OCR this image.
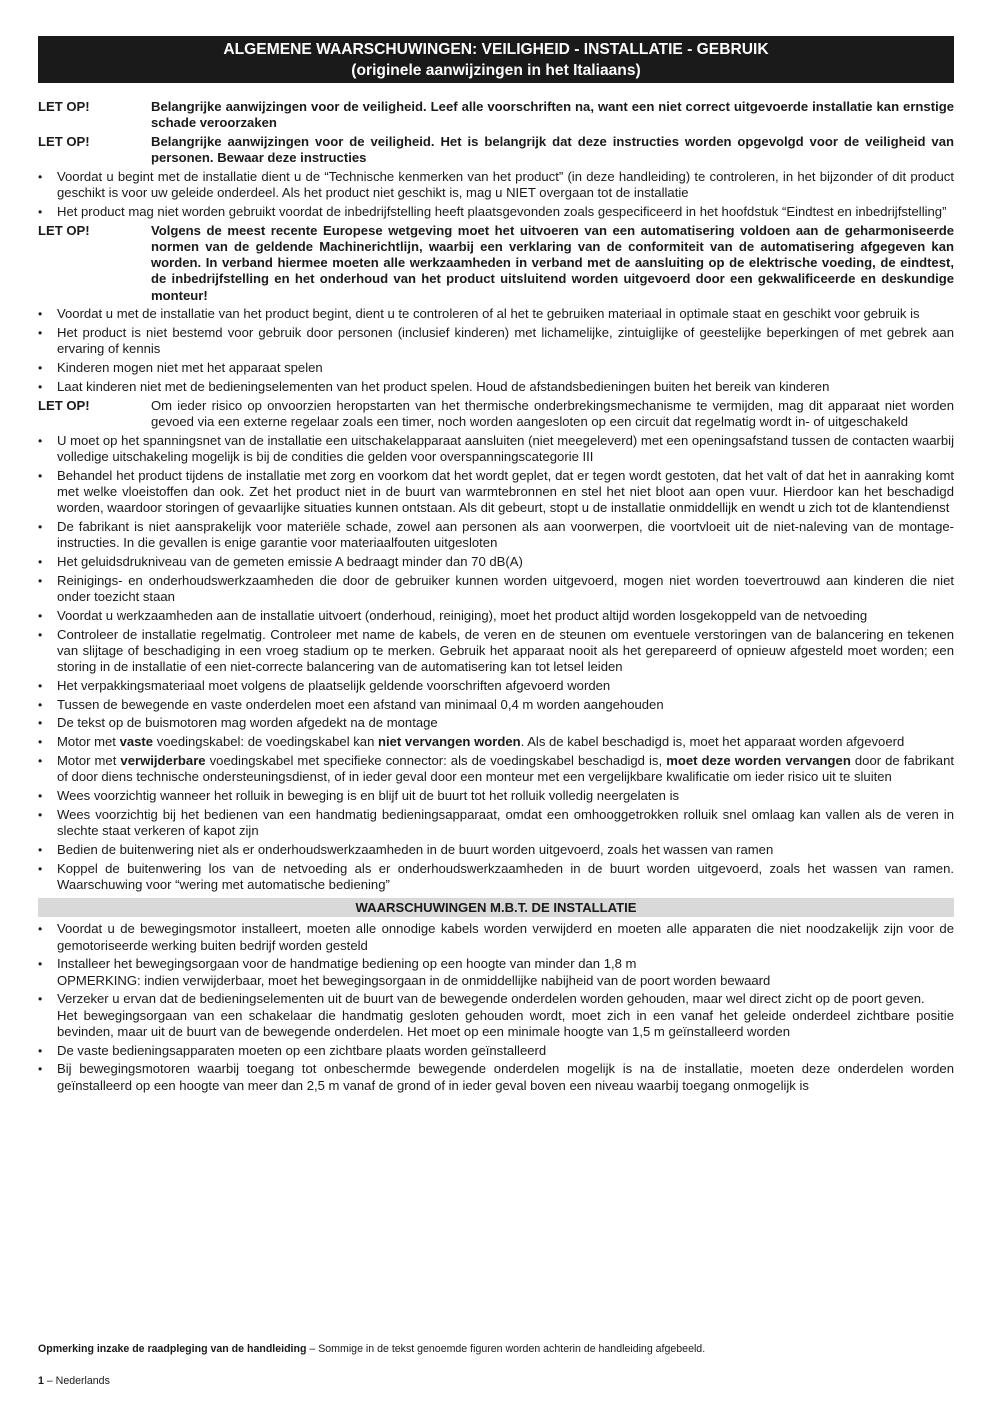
ALGEMENE WAARSCHUWINGEN: VEILIGHEID - INSTALLATIE - GEBRUIK
(originele aanwijzingen in het Italiaans)
LET OP!	Belangrijke aanwijzingen voor de veiligheid. Leef alle voorschriften na, want een niet correct uitgevoerde installatie kan ernstige schade veroorzaken
LET OP!	Belangrijke aanwijzingen voor de veiligheid. Het is belangrijk dat deze instructies worden opgevolgd voor de veiligheid van personen. Bewaar deze instructies
•	Voordat u begint met de installatie dient u de “Technische kenmerken van het product” (in deze handleiding) te controleren, in het bijzonder of dit product geschikt is voor uw geleide onderdeel. Als het product niet geschikt is, mag u NIET overgaan tot de installatie
•	Het product mag niet worden gebruikt voordat de inbedrijfstelling heeft plaatsgevonden zoals gespecificeerd in het hoofdstuk “Eindtest en inbedrijfstelling”
LET OP!	Volgens de meest recente Europese wetgeving moet het uitvoeren van een automatisering voldoen aan de geharmoniseerde normen van de geldende Machinerichtlijn, waarbij een verklaring van de conformiteit van de automatisering afgegeven kan worden. In verband hiermee moeten alle werkzaamheden in verband met de aansluiting op de elektrische voeding, de eindtest, de inbedrijfstelling en het onderhoud van het product uitsluitend worden uitgevoerd door een gekwalificeerde en deskundige monteur!
•	Voordat u met de installatie van het product begint, dient u te controleren of al het te gebruiken materiaal in optimale staat en geschikt voor gebruik is
•	Het product is niet bestemd voor gebruik door personen (inclusief kinderen) met lichamelijke, zintuiglijke of geestelijke beperkingen of met gebrek aan ervaring of kennis
•	Kinderen mogen niet met het apparaat spelen
•	Laat kinderen niet met de bedieningselementen van het product spelen. Houd de afstandsbedieningen buiten het bereik van kinderen
LET OP!	Om ieder risico op onvoorzien heropstarten van het thermische onderbrekingsmechanisme te vermijden, mag dit apparaat niet worden gevoed via een externe regelaar zoals een timer, noch worden aangesloten op een circuit dat regelmatig wordt in- of uitgeschakeld
•	U moet op het spanningsnet van de installatie een uitschakelapparaat aansluiten (niet meegeleverd) met een openingsafstand tussen de contacten waarbij volledige uitschakeling mogelijk is bij de condities die gelden voor overspanningscategorie III
•	Behandel het product tijdens de installatie met zorg en voorkom dat het wordt geplet, dat er tegen wordt gestoten, dat het valt of dat het in aanraking komt met welke vloeistoffen dan ook. Zet het product niet in de buurt van warmtebronnen en stel het niet bloot aan open vuur. Hierdoor kan het beschadigd worden, waardoor storingen of gevaarlijke situaties kunnen ontstaan. Als dit gebeurt, stopt u de installatie onmiddellijk en wendt u zich tot de klantendienst
•	De fabrikant is niet aansprakelijk voor materiële schade, zowel aan personen als aan voorwerpen, die voortvloeit uit de niet-naleving van de montage-instructies. In die gevallen is enige garantie voor materiaalfouten uitgesloten
•	Het geluidsdrukniveau van de gemeten emissie A bedraagt minder dan 70 dB(A)
•	Reinigings- en onderhoudswerkzaamheden die door de gebruiker kunnen worden uitgevoerd, mogen niet worden toevertrouwd aan kinderen die niet onder toezicht staan
•	Voordat u werkzaamheden aan de installatie uitvoert (onderhoud, reiniging), moet het product altijd worden losgekoppeld van de netvoeding
•	Controleer de installatie regelmatig. Controleer met name de kabels, de veren en de steunen om eventuele verstoringen van de balancering en tekenen van slijtage of beschadiging in een vroeg stadium op te merken. Gebruik het apparaat nooit als het gerepareerd of opnieuw afgesteld moet worden; een storing in de installatie of een niet-correcte balancering van de automatisering kan tot letsel leiden
•	Het verpakkingsmateriaal moet volgens de plaatselijk geldende voorschriften afgevoerd worden
•	Tussen de bewegende en vaste onderdelen moet een afstand van minimaal 0,4 m worden aangehouden
•	De tekst op de buismotoren mag worden afgedekt na de montage
•	Motor met vaste voedingskabel: de voedingskabel kan niet vervangen worden. Als de kabel beschadigd is, moet het apparaat worden afgevoerd
•	Motor met verwijderbare voedingskabel met specifieke connector: als de voedingskabel beschadigd is, moet deze worden vervangen door de fabrikant of door diens technische ondersteuningsdienst, of in ieder geval door een monteur met een vergelijkbare kwalificatie om ieder risico uit te sluiten
•	Wees voorzichtig wanneer het rolluik in beweging is en blijf uit de buurt tot het rolluik volledig neergelaten is
•	Wees voorzichtig bij het bedienen van een handmatig bedieningsapparaat, omdat een omhooggetrokken rolluik snel omlaag kan vallen als de veren in slechte staat verkeren of kapot zijn
•	Bedien de buitenwering niet als er onderhoudswerkzaamheden in de buurt worden uitgevoerd, zoals het wassen van ramen
•	Koppel de buitenwering los van de netvoeding als er onderhoudswerkzaamheden in de buurt worden uitgevoerd, zoals het wassen van ramen. Waarschuwing voor “wering met automatische bediening”
WAARSCHUWINGEN M.B.T. DE INSTALLATIE
•	Voordat u de bewegingsmotor installeert, moeten alle onnodige kabels worden verwijderd en moeten alle apparaten die niet noodzakelijk zijn voor de gemotoriseerde werking buiten bedrijf worden gesteld
•	Installeer het bewegingsorgaan voor de handmatige bediening op een hoogte van minder dan 1,8 m
OPMERKING: indien verwijderbaar, moet het bewegingsorgaan in de onmiddellijke nabijheid van de poort worden bewaard
•	Verzeker u ervan dat de bedieningselementen uit de buurt van de bewegende onderdelen worden gehouden, maar wel direct zicht op de poort geven.
Het bewegingsorgaan van een schakelaar die handmatig gesloten gehouden wordt, moet zich in een vanaf het geleide onderdeel zichtbare positie bevinden, maar uit de buurt van de bewegende onderdelen. Het moet op een minimale hoogte van 1,5 m geïnstalleerd worden
•	De vaste bedieningsapparaten moeten op een zichtbare plaats worden geïnstalleerd
•	Bij bewegingsmotoren waarbij toegang tot onbeschermde bewegende onderdelen mogelijk is na de installatie, moeten deze onderdelen worden geïnstalleerd op een hoogte van meer dan 2,5 m vanaf de grond of in ieder geval boven een niveau waarbij toegang onmogelijk is
Opmerking inzake de raadpleging van de handleiding – Sommige in de tekst genoemde figuren worden achterin de handleiding afgebeeld.
1 – Nederlands
